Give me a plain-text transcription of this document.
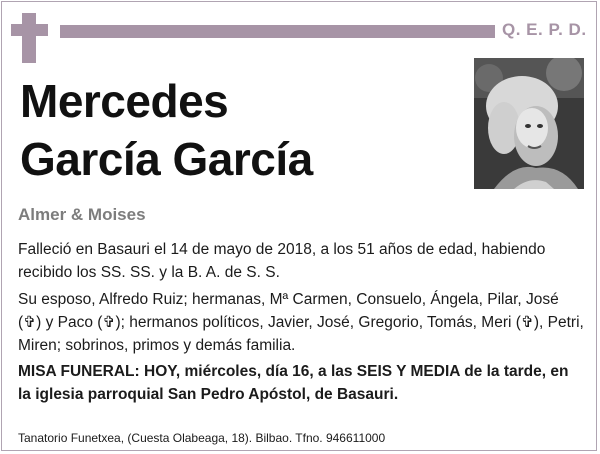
Q. E. P. D.
Mercedes
García García

Almer & Moises

Falleció en Basauri el 14 de mayo de 2018, a los 51 años de edad, habiendo recibido los SS. SS. y la B. A. de S. S.

Su esposo, Alfredo Ruiz; hermanas, Mª Carmen, Consuelo, Ángela, Pilar, José (✞) y Paco (✞); hermanos políticos, Javier, José, Gregorio, Tomás, Meri (✞), Petri, Miren; sobrinos, primos y demás familia.

MISA FUNERAL: HOY, miércoles, día 16, a las SEIS Y MEDIA de la tarde, en la iglesia parroquial San Pedro Apóstol, de Basauri.

Tanatorio Funetxea, (Cuesta Olabeaga, 18). Bilbao. Tfno. 946611000
